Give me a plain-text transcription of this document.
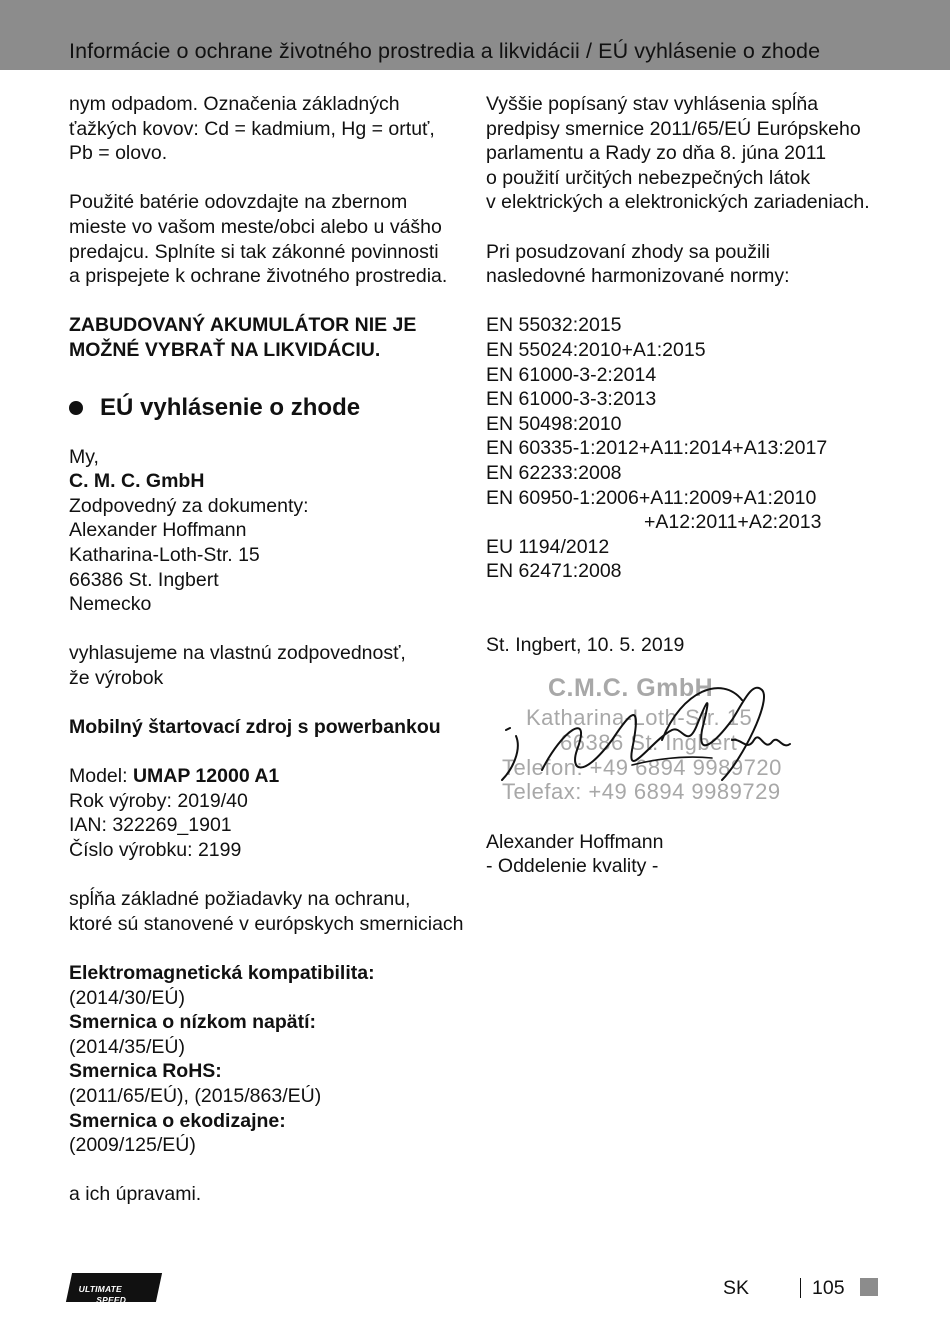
Informácie o ochrane životného prostredia a likvidácii / EÚ vyhlásenie o zhode
nym odpadom. Označenia základných
ťažkých kovov: Cd = kadmium, Hg = ortuť,
Pb = olovo.
Použité batérie odovzdajte na zbernom
mieste vo vašom meste/obci alebo u vášho
predajcu. Splníte si tak zákonné povinnosti
a prispejete k ochrane životného prostredia.
ZABUDOVANÝ AKUMULÁTOR NIE JE
MOŽNÉ VYBRAŤ NA LIKVIDÁCIU.
EÚ vyhlásenie o zhode
My,
C. M. C. GmbH
Zodpovedný za dokumenty:
Alexander Hoffmann
Katharina-Loth-Str. 15
66386 St. Ingbert
Nemecko
vyhlasujeme na vlastnú zodpovednosť,
že výrobok
Mobilný štartovací zdroj s powerbankou
Model: UMAP 12000 A1
Rok výroby: 2019/40
IAN: 322269_1901
Číslo výrobku: 2199
spĺňa základné požiadavky na ochranu,
ktoré sú stanovené v európskych smerniciach
Elektromagnetická kompatibilita:
(2014/30/EÚ)
Smernica o nízkom napätí:
(2014/35/EÚ)
Smernica RoHS:
(2011/65/EÚ), (2015/863/EÚ)
Smernica o ekodizajne:
(2009/125/EÚ)
a ich úpravami.
Vyššie popísaný stav vyhlásenia spĺňa
predpisy smernice 2011/65/EÚ Európskeho
parlamentu a Rady zo dňa 8. júna 2011
o použití určitých nebezpečných látok
v elektrických a elektronických zariadeniach.
Pri posudzovaní zhody sa použili
nasledovné harmonizované normy:
EN 55032:2015
EN 55024:2010+A1:2015
EN 61000-3-2:2014
EN 61000-3-3:2013
EN 50498:2010
EN 60335-1:2012+A11:2014+A13:2017
EN 62233:2008
EN 60950-1:2006+A11:2009+A1:2010
+A12:2011+A2:2013
EU 1194/2012
EN 62471:2008
St. Ingbert, 10. 5. 2019
C.M.C. GmbH
Katharina-Loth-Str. 15
66386 St. Ingbert
Telefon: +49 6894 9989720
Telefax: +49 6894 9989729
Alexander Hoffmann
- Oddelenie kvality -
ULTIMATE
SPEED
SK	105
